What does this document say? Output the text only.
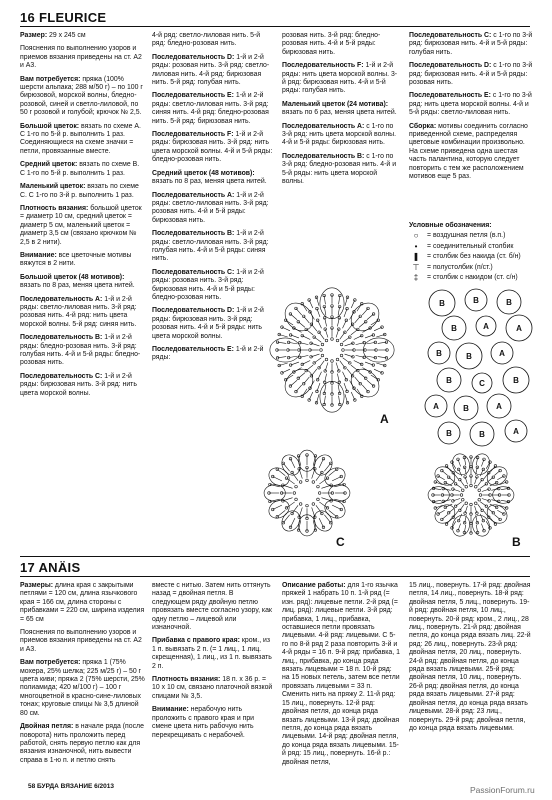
16 FLEURICE

Размер: 29 х 245 см

Пояснения по выполнению узоров и приемов вязания приведены на ст. А2 и А3.

Вам потребуется: пряжа (100% шерсти альпака; 288 м/50 г) – по 100 г бирюзовой, морской волны, бледно-розовой, синей и светло-лиловой, по 50 г розовой и голубой; крючок № 2,5.

Большой цветок: вязать по схеме А. С 1-го по 5-й р. выполнить 1 раз. Соединяющиеся на схеме значки = петли, провязанные вместе.

Средний цветок: вязать по схеме В. С 1-го по 5-й р. выполнить 1 раз.

Маленький цветок: вязать по схеме С. С 1-го по 3-й р. выполнить 1 раз.

Плотность вязания: большой цветок = диаметр 10 см, средний цветок = диаметр 5 см, маленький цветок = диаметр 3,5 см (связано крючком № 2,5 в 2 нити).

Внимание: все цветочные мотивы вяжутся в 2 нити.

Большой цветок (48 мотивов): вязать по 8 раз, меняя цвета нитей.

Последовательность А: 1-й и 2-й ряды: светло-лиловая нить. 3-й ряд: розовая нить. 4-й ряд: нить цвета морской волны. 5-й ряд: синяя нить.

Последовательность В: 1-й и 2-й ряды: бледно-розовая нить. 3-й ряд: голубая нить. 4-й и 5-й ряды: бледно-розовая нить.

Последовательность С: 1-й и 2-й ряды: бирюзовая нить. 3-й ряд: нить цвета морской волны.

4-й ряд: светло-лиловая нить. 5-й ряд: бледно-розовая нить.

Последовательность D: 1-й и 2-й ряды: розовая нить. 3-й ряд: светло-лиловая нить. 4-й ряд: бирюзовая нить. 5-й ряд: голубая нить.

Последовательность Е: 1-й и 2-й ряды: светло-лиловая нить. 3-й ряд: синяя нить. 4-й ряд: бледно-розовая нить. 5-й ряд: бирюзовая нить.

Последовательность F: 1-й и 2-й ряды: бирюзовая нить. 3-й ряд: нить цвета морской волны. 4-й и 5-й ряды: бледно-розовая нить.

Средний цветок (48 мотивов): вязать по 8 раз, меняя цвета нитей.

Последовательность А: 1-й и 2-й ряды: светло-лиловая нить. 3-й ряд: розовая нить. 4-й и 5-й ряды: бирюзовая нить.

Последовательность В: 1-й и 2-й ряды: светло-лиловая нить. 3-й ряд: голубая нить. 4-й и 5-й ряды: синяя нить.

Последовательность С: 1-й и 2-й ряды: розовая нить. 3-й ряд: бирюзовая нить. 4-й и 5-й ряды: бледно-розовая нить.

Последовательность D: 1-й и 2-й ряды: бирюзовая нить. 3-й ряд: розовая нить. 4-й и 5-й ряды: нить цвета морской волны.

Последовательность Е: 1-й и 2-й ряды:

розовая нить. 3-й ряд: бледно-розовая нить. 4-й и 5-й ряды: бирюзовая нить.

Последовательность F: 1-й и 2-й ряды: нить цвета морской волны. 3-й ряд: бирюзовая нить. 4-й и 5-й ряды: голубая нить.

Маленький цветок (24 мотива): вязать по 6 раз, меняя цвета нитей.

Последовательность А: с 1-го по 3-й ряд: нить цвета морской волны. 4-й и 5-й ряды: бирюзовая нить.

Последовательность В: с 1-го по 3-й ряд: бледно-розовая нить. 4-й и 5-й ряды: нить цвета морской волны.

Последовательность С: с 1-го по 3-й ряд: бирюзовая нить. 4-й и 5-й ряды: голубая нить.

Последовательность D: с 1-го по 3-й ряд: бирюзовая нить. 4-й и 5-й ряды: розовая нить.

Последовательность Е: с 1-го по 3-й ряд: нить цвета морской волны. 4-й и 5-й ряды: светло-лиловая нить.

Сборка: мотивы соединить согласно приведенной схеме, распределяя цветовые комбинации произвольно. На схеме приведена одна шестая часть палантина, которую следует повторить с тем же расположением мотивов еще 5 раз.

Условные обозначения:
○	= воздушная петля (в.п.)
•	= соединительный столбик
❚	= столбик без накида (ст. б/н)
⊤	= полустолбик (п/ст.)
‡	= столбик с накидом (ст. с/н)
A
C	B
B	B	B
B	A	A
B	B	A
B	C	B
A	B	A
B	B	A
17 ANÄIS

Размеры: длина края с закрытыми петлями = 120 см, длина язычкового края = 166 см, длина стороны с прибавками = 220 см, ширина изделия = 65 см

Пояснения по выполнению узоров и приемов вязания приведены на ст. А2 и А3.

Вам потребуется: пряжа 1 (75% мохера, 25% шелка; 225 м/25 г) – 50 г цвета киви; пряжа 2 (75% шерсти, 25% полиамида; 420 м/100 г) – 100 г многоцветной в красно-сине-лиловых тонах; круговые спицы № 3,5 длиной 80 см.

Двойная петля: в начале ряда (после поворота) нить проложить перед работой, снять первую петлю как для вязания изнаночной, нить вывести справа в 1-ю п. и петлю снять

вместе с нитью. Затем нить оттянуть назад = двойная петля. В следующем ряду двойную петлю провязать вместе согласно узору, как одну петлю – лицевой или изнаночной.

Прибавка с правого края: кром., из 1 п. вывязать 2 п. (= 1 лиц., 1 лиц. скрещенная), 1 лиц., из 1 п. вывязать 2 п.

Плотность вязания: 18 п. х 36 р. = 10 х 10 см, связано платочной вязкой спицами № 3,5.

Внимание: нерабочую нить проложить с правого края и при смене цвета нить рабочую нить перекрещивать с нерабочей.

Описание работы: для 1-го язычка пряжей 1 набрать 10 п. 1-й ряд (= изн. ряд): лицевые петли. 2-й ряд (= лиц. ряд): лицевые петли. 3-й ряд: прибавка, 1 лиц., прибавка, оставшиеся петли провязать лицевыми. 4-й ряд: лицевыми. С 5-го по 8-й ряд 2 раза повторить 3-й и 4-й ряды = 16 п. 9-й ряд: прибавка, 1 лиц., прибавка, до конца ряда вязать лицевыми = 18 п. 10-й ряд: на 15 новых петель, затем все петли провязать лицевыми = 33 п. Сменить нить на пряжу 2. 11-й ряд: 15 лиц., повернуть. 12-й ряд: двойная петля, до конца ряда вязать лицевыми. 13-й ряд: двойная петля, до конца ряда вязать лицевыми. 14-й ряд: двойная петля, до конца ряда вязать лицевыми. 15-й ряд: 15 лиц., повернуть. 16-й р.: двойная петля,

15 лиц., повернуть. 17-й ряд: двойная петля, 14 лиц., повернуть. 18-й ряд: двойная петля, 5 лиц., повернуть. 19-й ряд: двойная петля, 10 лиц., повернуть. 20-й ряд: кром., 2 лиц., 28 лиц., повернуть. 21-й ряд: двойная петля, до конца ряда вязать лиц. 22-й ряд: 26 лиц., повернуть. 23-й ряд: двойная петля, 20 лиц., повернуть. 24-й ряд: двойная петля, до конца ряда вязать лицевыми. 25-й ряд: двойная петля, 10 лиц., повернуть. 26-й ряд: двойная петля, до конца ряда вязать лицевыми. 27-й ряд: двойная петля, до конца ряда вязать лицевыми. 28-й ряд: 23 лиц., повернуть. 29-й ряд: двойная петля, до конца ряда вязать лицевыми.

58 БУРДА ВЯЗАНИЕ 6/2013	PassionForum.ru
